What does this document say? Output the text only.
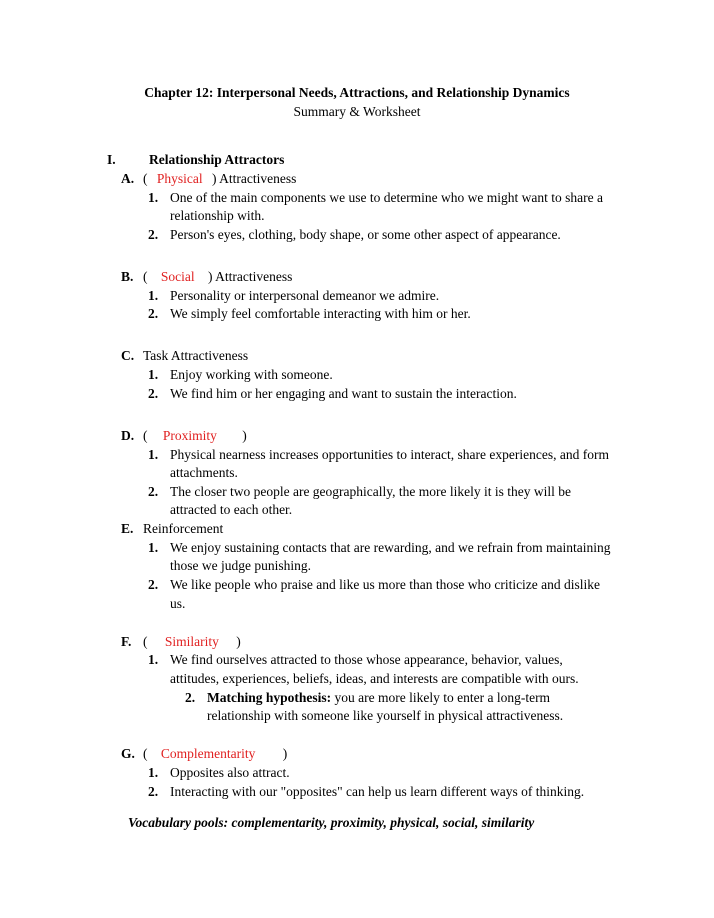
Chapter 12: Interpersonal Needs, Attractions, and Relationship Dynamics
Summary & Worksheet
I. Relationship Attractors
A. ( Physical ) Attractiveness
1. One of the main components we use to determine who we might want to share a
relationship with.
2. Person's eyes, clothing, body shape, or some other aspect of appearance.
B. ( Social ) Attractiveness
1. Personality or interpersonal demeanor we admire.
2. We simply feel comfortable interacting with him or her.
C. Task Attractiveness
1. Enjoy working with someone.
2. We find him or her engaging and want to sustain the interaction.
D. ( Proximity )
1. Physical nearness increases opportunities to interact, share experiences, and form
attachments.
2. The closer two people are geographically, the more likely it is they will be
attracted to each other.
E. Reinforcement
1. We enjoy sustaining contacts that are rewarding, and we refrain from maintaining
those we judge punishing.
2. We like people who praise and like us more than those who criticize and dislike
us.
F. ( Similarity )
1. We find ourselves attracted to those whose appearance, behavior, values,
attitudes, experiences, beliefs, ideas, and interests are compatible with ours.
2. Matching hypothesis: you are more likely to enter a long-term
relationship with someone like yourself in physical attractiveness.
G. ( Complementarity )
1. Opposites also attract.
2. Interacting with our "opposites" can help us learn different ways of thinking.
Vocabulary pools: complementarity, proximity, physical, social, similarity
